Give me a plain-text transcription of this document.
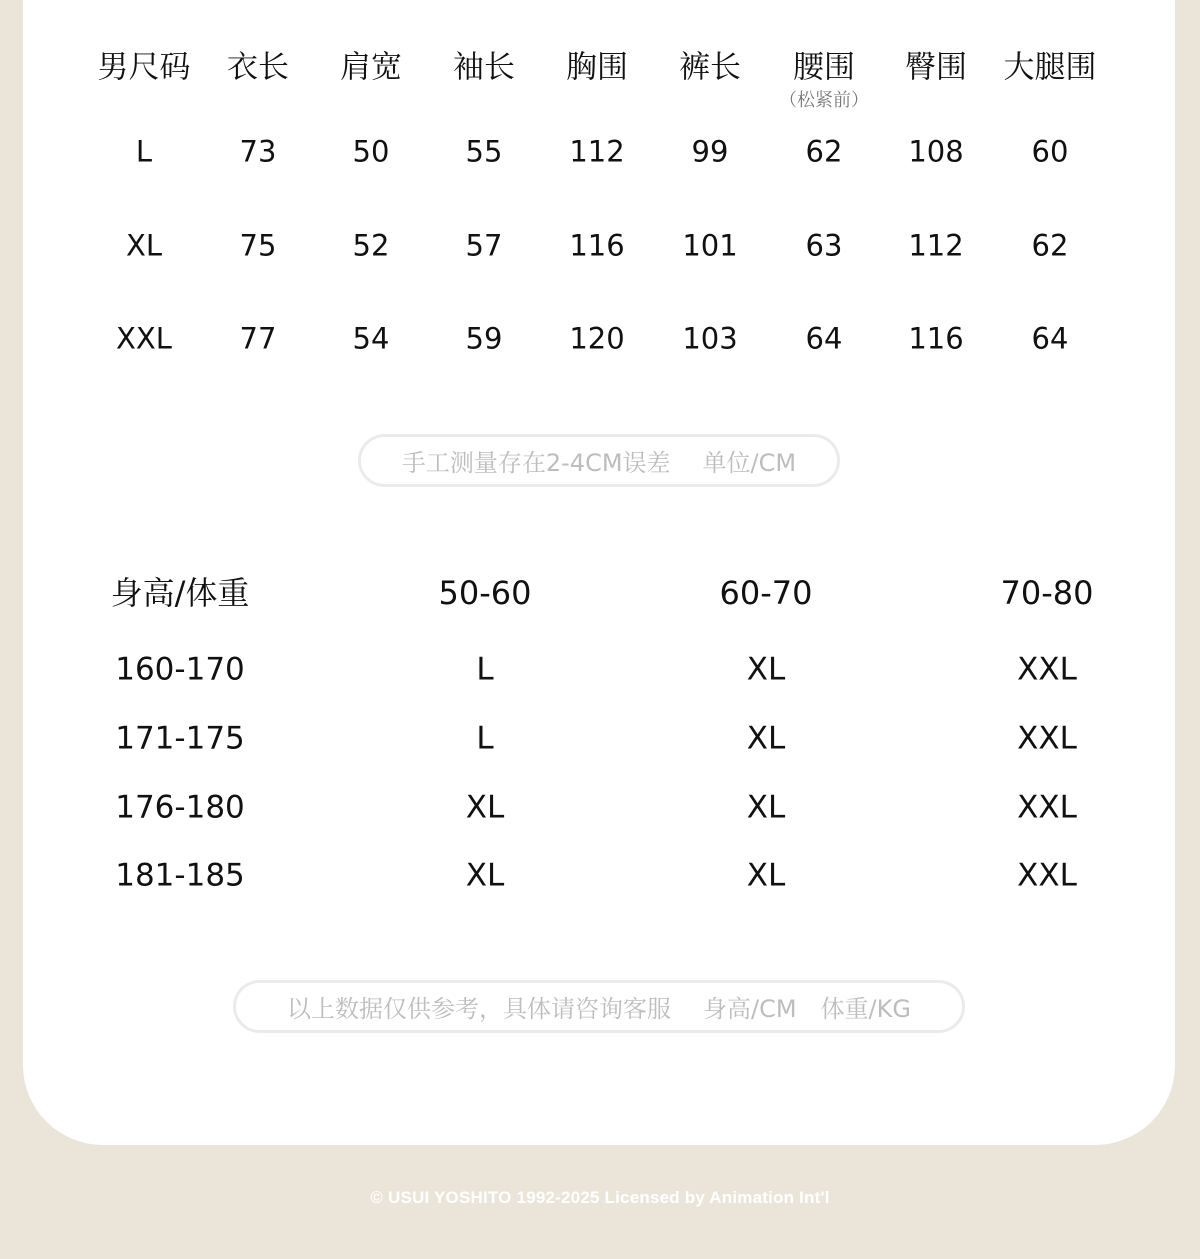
男尺码 衣长 肩宽 袖长 胸围 裤长 腰围 臀围 大腿围
（松紧前）
L	73	50	55 112 99	62 108 60
XL	75	52	57 116 101 63 112 62
XXL 77	54	59 120 103 64 116 64
手工测量存在2-4CM误差 单位/CM
身高/体重	50-60	60-70	70-80
160-170	L	XL	XXL
171-175	L	XL	XXL
176-180	XL	XL	XXL
181-185	XL	XL	XXL
以上数据仅供参考，具体请咨询客服 身高/CM 体重/KG
© USUI YOSHITO 1992-2025 Licensed by Animation Int'l
